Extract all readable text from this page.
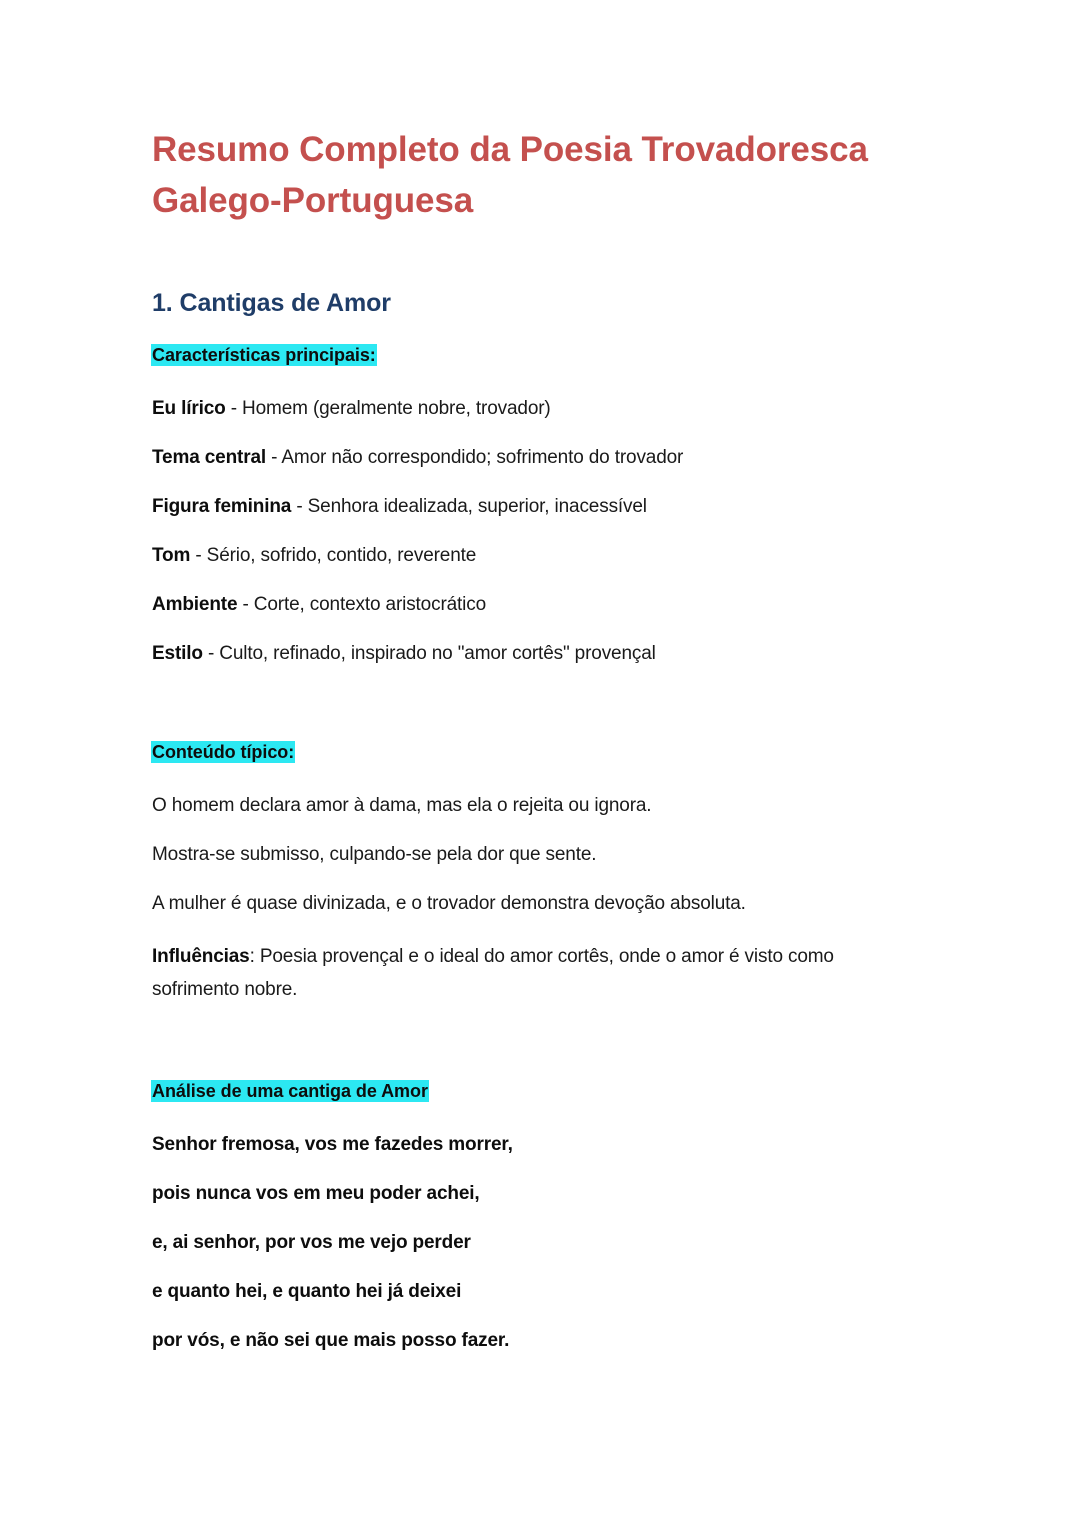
Resumo Completo da Poesia Trovadoresca Galego-Portuguesa
1. Cantigas de Amor

Características principais:

Eu lírico - Homem (geralmente nobre, trovador)

Tema central - Amor não correspondido; sofrimento do trovador

Figura feminina - Senhora idealizada, superior, inacessível

Tom - Sério, sofrido, contido, reverente

Ambiente - Corte, contexto aristocrático

Estilo - Culto, refinado, inspirado no "amor cortês" provençal

Conteúdo típico:

O homem declara amor à dama, mas ela o rejeita ou ignora.

Mostra-se submisso, culpando-se pela dor que sente.

A mulher é quase divinizada, e o trovador demonstra devoção absoluta.

Influências: Poesia provençal e o ideal do amor cortês, onde o amor é visto como sofrimento nobre.

Análise de uma cantiga de Amor

Senhor fremosa, vos me fazedes morrer,

pois nunca vos em meu poder achei,

e, ai senhor, por vos me vejo perder

e quanto hei, e quanto hei já deixei

por vós, e não sei que mais posso fazer.
